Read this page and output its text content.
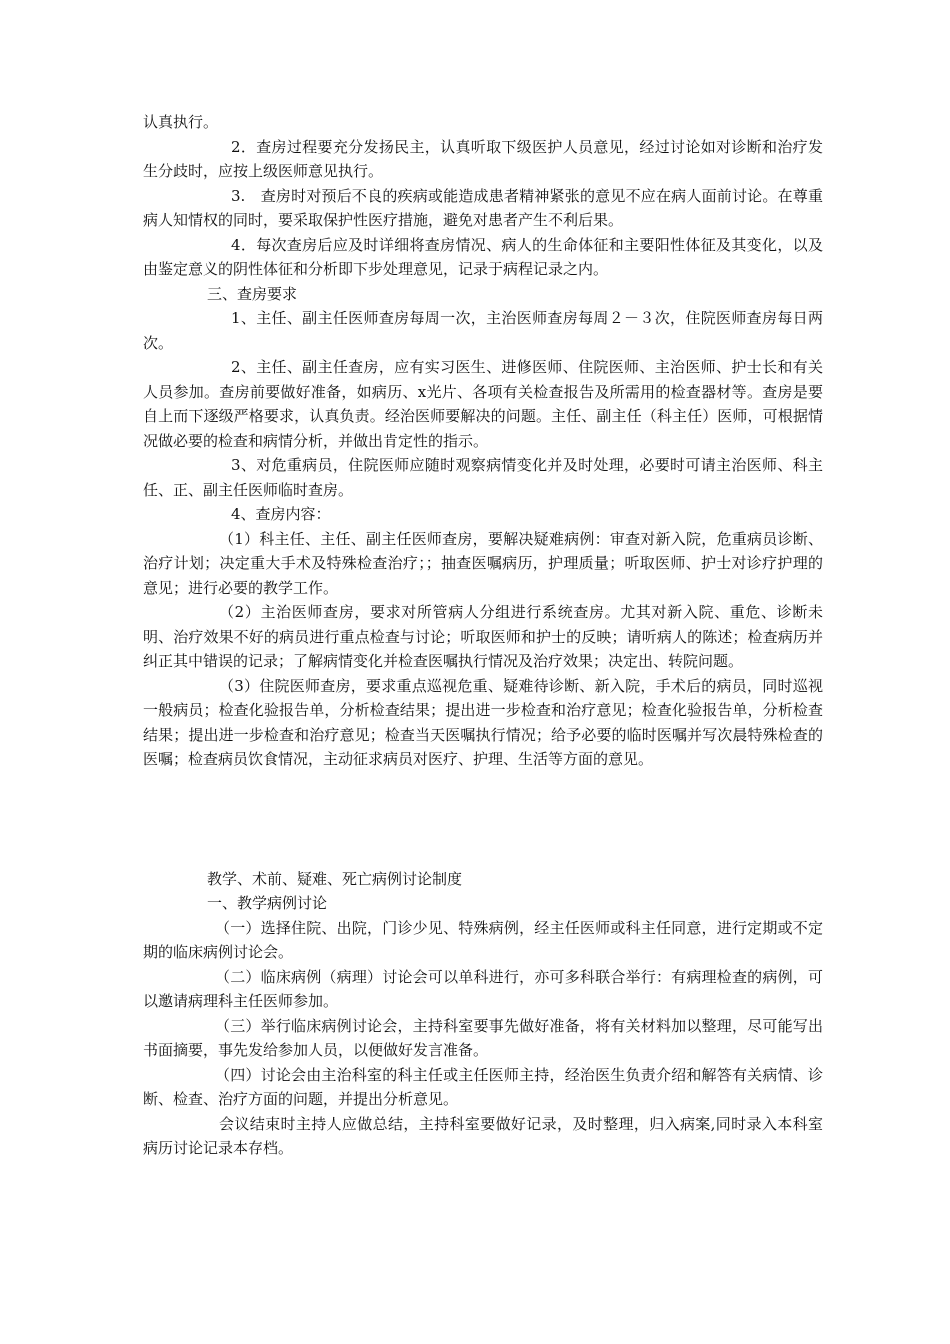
认真执行。

2．查房过程要充分发扬民主，认真听取下级医护人员意见，经过讨论如对诊断和治疗发生分歧时，应按上级医师意见执行。

3.　查房时对预后不良的疾病或能造成患者精神紧张的意见不应在病人面前讨论。在尊重病人知情权的同时，要采取保护性医疗措施，避免对患者产生不利后果。

4．每次查房后应及时详细将查房情况、病人的生命体征和主要阳性体征及其变化，以及由鉴定意义的阴性体征和分析即下步处理意见，记录于病程记录之内。

三、查房要求

1、主任、副主任医师查房每周一次，主治医师查房每周２－３次，住院医师查房每日两次。

2、主任、副主任查房，应有实习医生、进修医师、住院医师、主治医师、护士长和有关人员参加。查房前要做好准备，如病历、x光片、各项有关检查报告及所需用的检查器材等。查房是要自上而下逐级严格要求，认真负责。经治医师要解决的问题。主任、副主任（科主任）医师，可根据情况做必要的检查和病情分析，并做出肯定性的指示。

3、对危重病员，住院医师应随时观察病情变化并及时处理，必要时可请主治医师、科主任、正、副主任医师临时查房。

4、查房内容：

（1）科主任、主任、副主任医师查房，要解决疑难病例：审查对新入院，危重病员诊断、治疗计划；决定重大手术及特殊检查治疗；；抽查医嘱病历，护理质量；听取医师、护士对诊疗护理的意见；进行必要的教学工作。

（2）主治医师查房，要求对所管病人分组进行系统查房。尤其对新入院、重危、诊断未明、治疗效果不好的病员进行重点检查与讨论；听取医师和护士的反映；请听病人的陈述；检查病历并纠正其中错误的记录；了解病情变化并检查医嘱执行情况及治疗效果；决定出、转院问题。

（3）住院医师查房，要求重点巡视危重、疑难待诊断、新入院，手术后的病员，同时巡视一般病员；检查化验报告单，分析检查结果；提出进一步检查和治疗意见；检查化验报告单，分析检查结果；提出进一步检查和治疗意见；检查当天医嘱执行情况；给予必要的临时医嘱并写次晨特殊检查的医嘱；检查病员饮食情况，主动征求病员对医疗、护理、生活等方面的意见。

教学、术前、疑难、死亡病例讨论制度

一、教学病例讨论

（一）选择住院、出院，门诊少见、特殊病例，经主任医师或科主任同意，进行定期或不定期的临床病例讨论会。

（二）临床病例（病理）讨论会可以单科进行，亦可多科联合举行：有病理检查的病例，可以邀请病理科主任医师参加。

（三）举行临床病例讨论会，主持科室要事先做好准备，将有关材料加以整理，尽可能写出书面摘要，事先发给参加人员，以便做好发言准备。

（四）讨论会由主治科室的科主任或主任医师主持，经治医生负责介绍和解答有关病情、诊断、检查、治疗方面的问题，并提出分析意见。

会议结束时主持人应做总结，主持科室要做好记录，及时整理，归入病案,同时录入本科室病历讨论记录本存档。
